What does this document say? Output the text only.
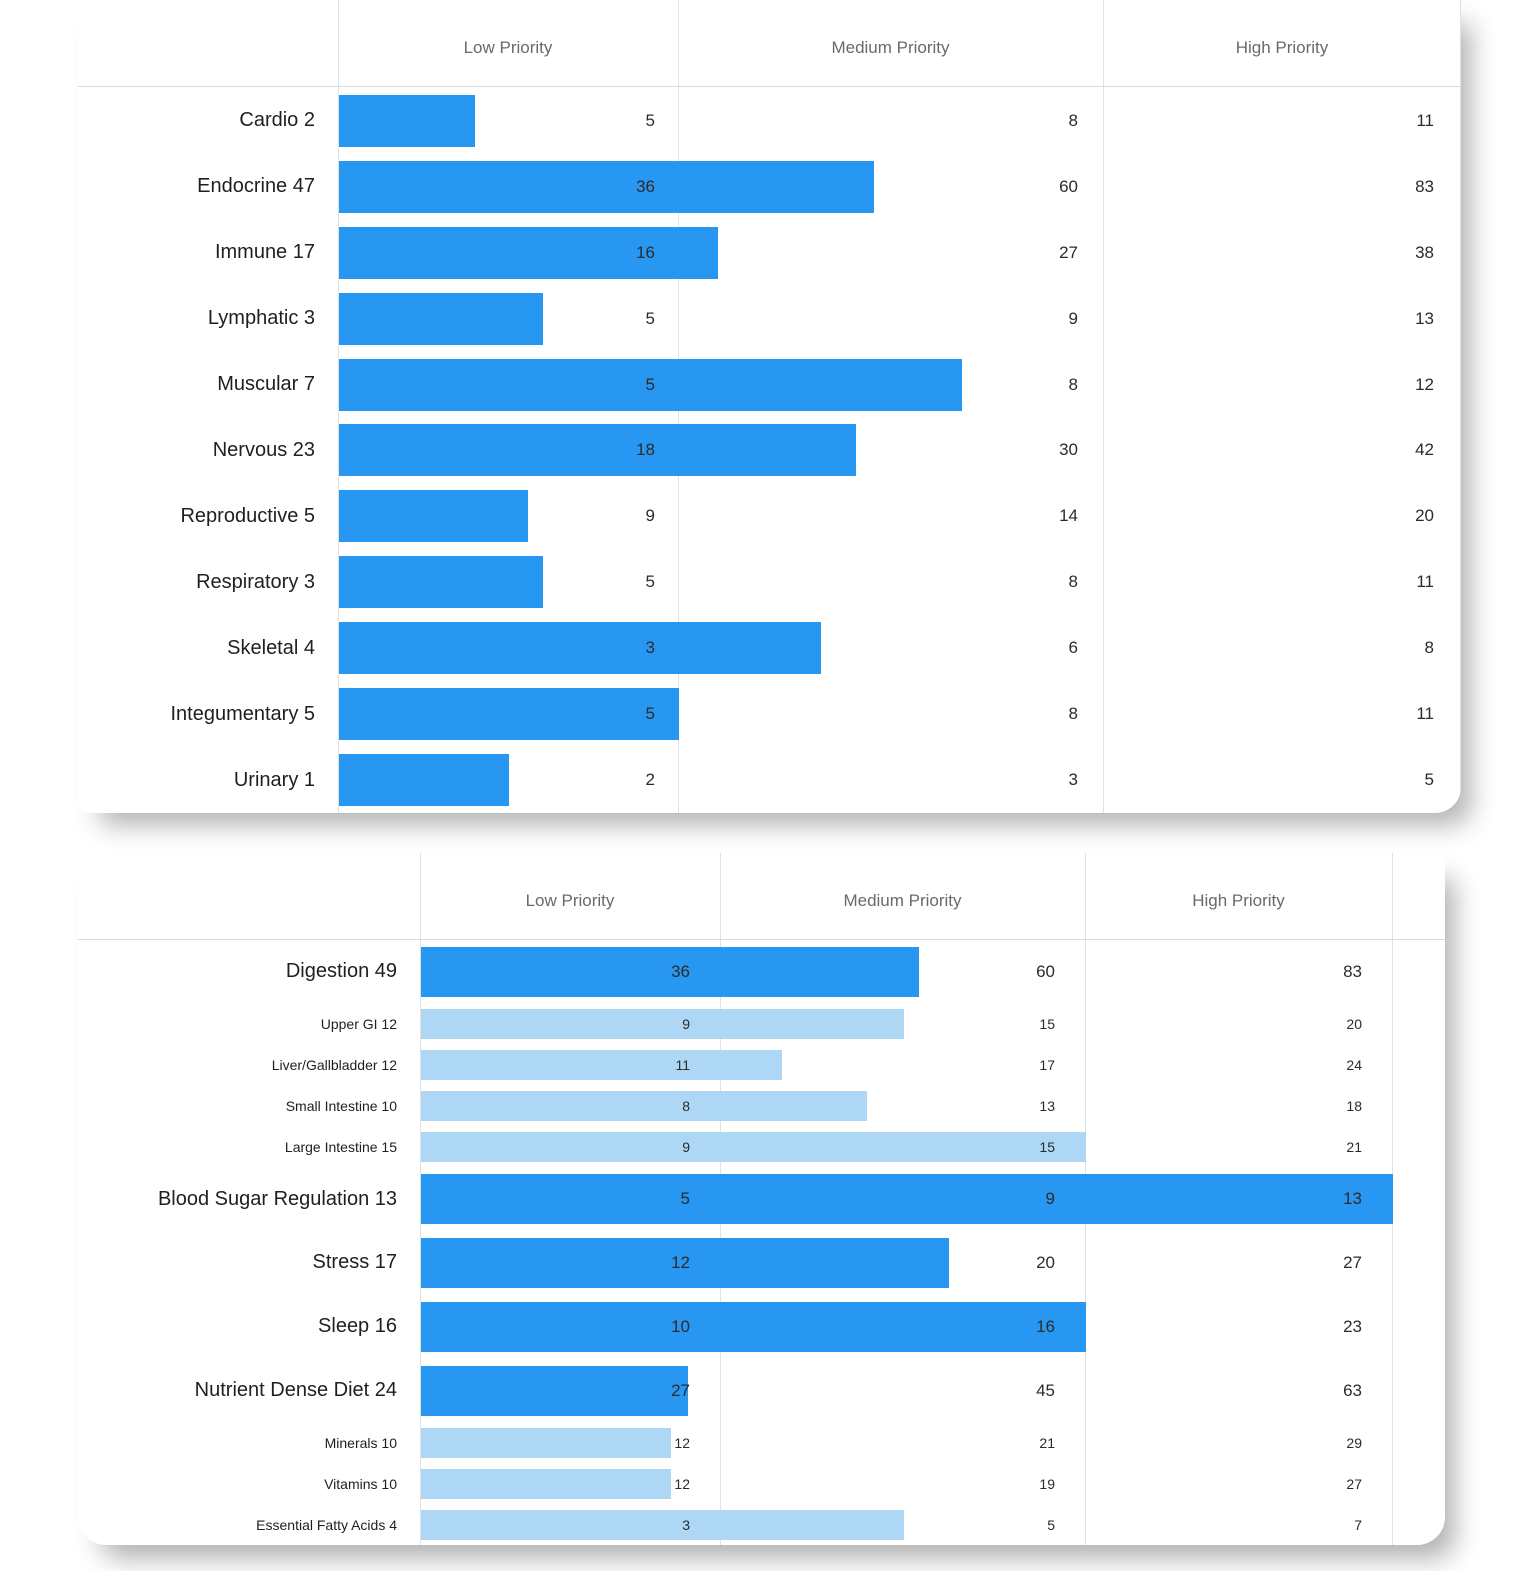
Low Priority	Medium Priority	High Priority
Cardio 2	5	8	11
Endocrine 47	36	60	83
Immune 17	16	27	38
Lymphatic 3	5	9	13
Muscular 7	5	8	12
Nervous 23	18	30	42
Reproductive 5	9	14	20
Respiratory 3	5	8	11
Skeletal 4	3	6	8
Integumentary 5	5	8	11
Urinary 1	2	3	5
Low Priority	Medium Priority	High Priority
Digestion 49	36	60	83
Upper GI 12	9	15	20
Liver/Gallbladder 12	11	17	24
Small Intestine 10	8	13	18
Large Intestine 15	9	15	21
Blood Sugar Regulation 13	5	9	13
Stress 17	12	20	27
Sleep 16	10	16	23
Nutrient Dense Diet 24	27	45	63
Minerals 10	12	21	29
Vitamins 10	12	19	27
Essential Fatty Acids 4	3	5	7
